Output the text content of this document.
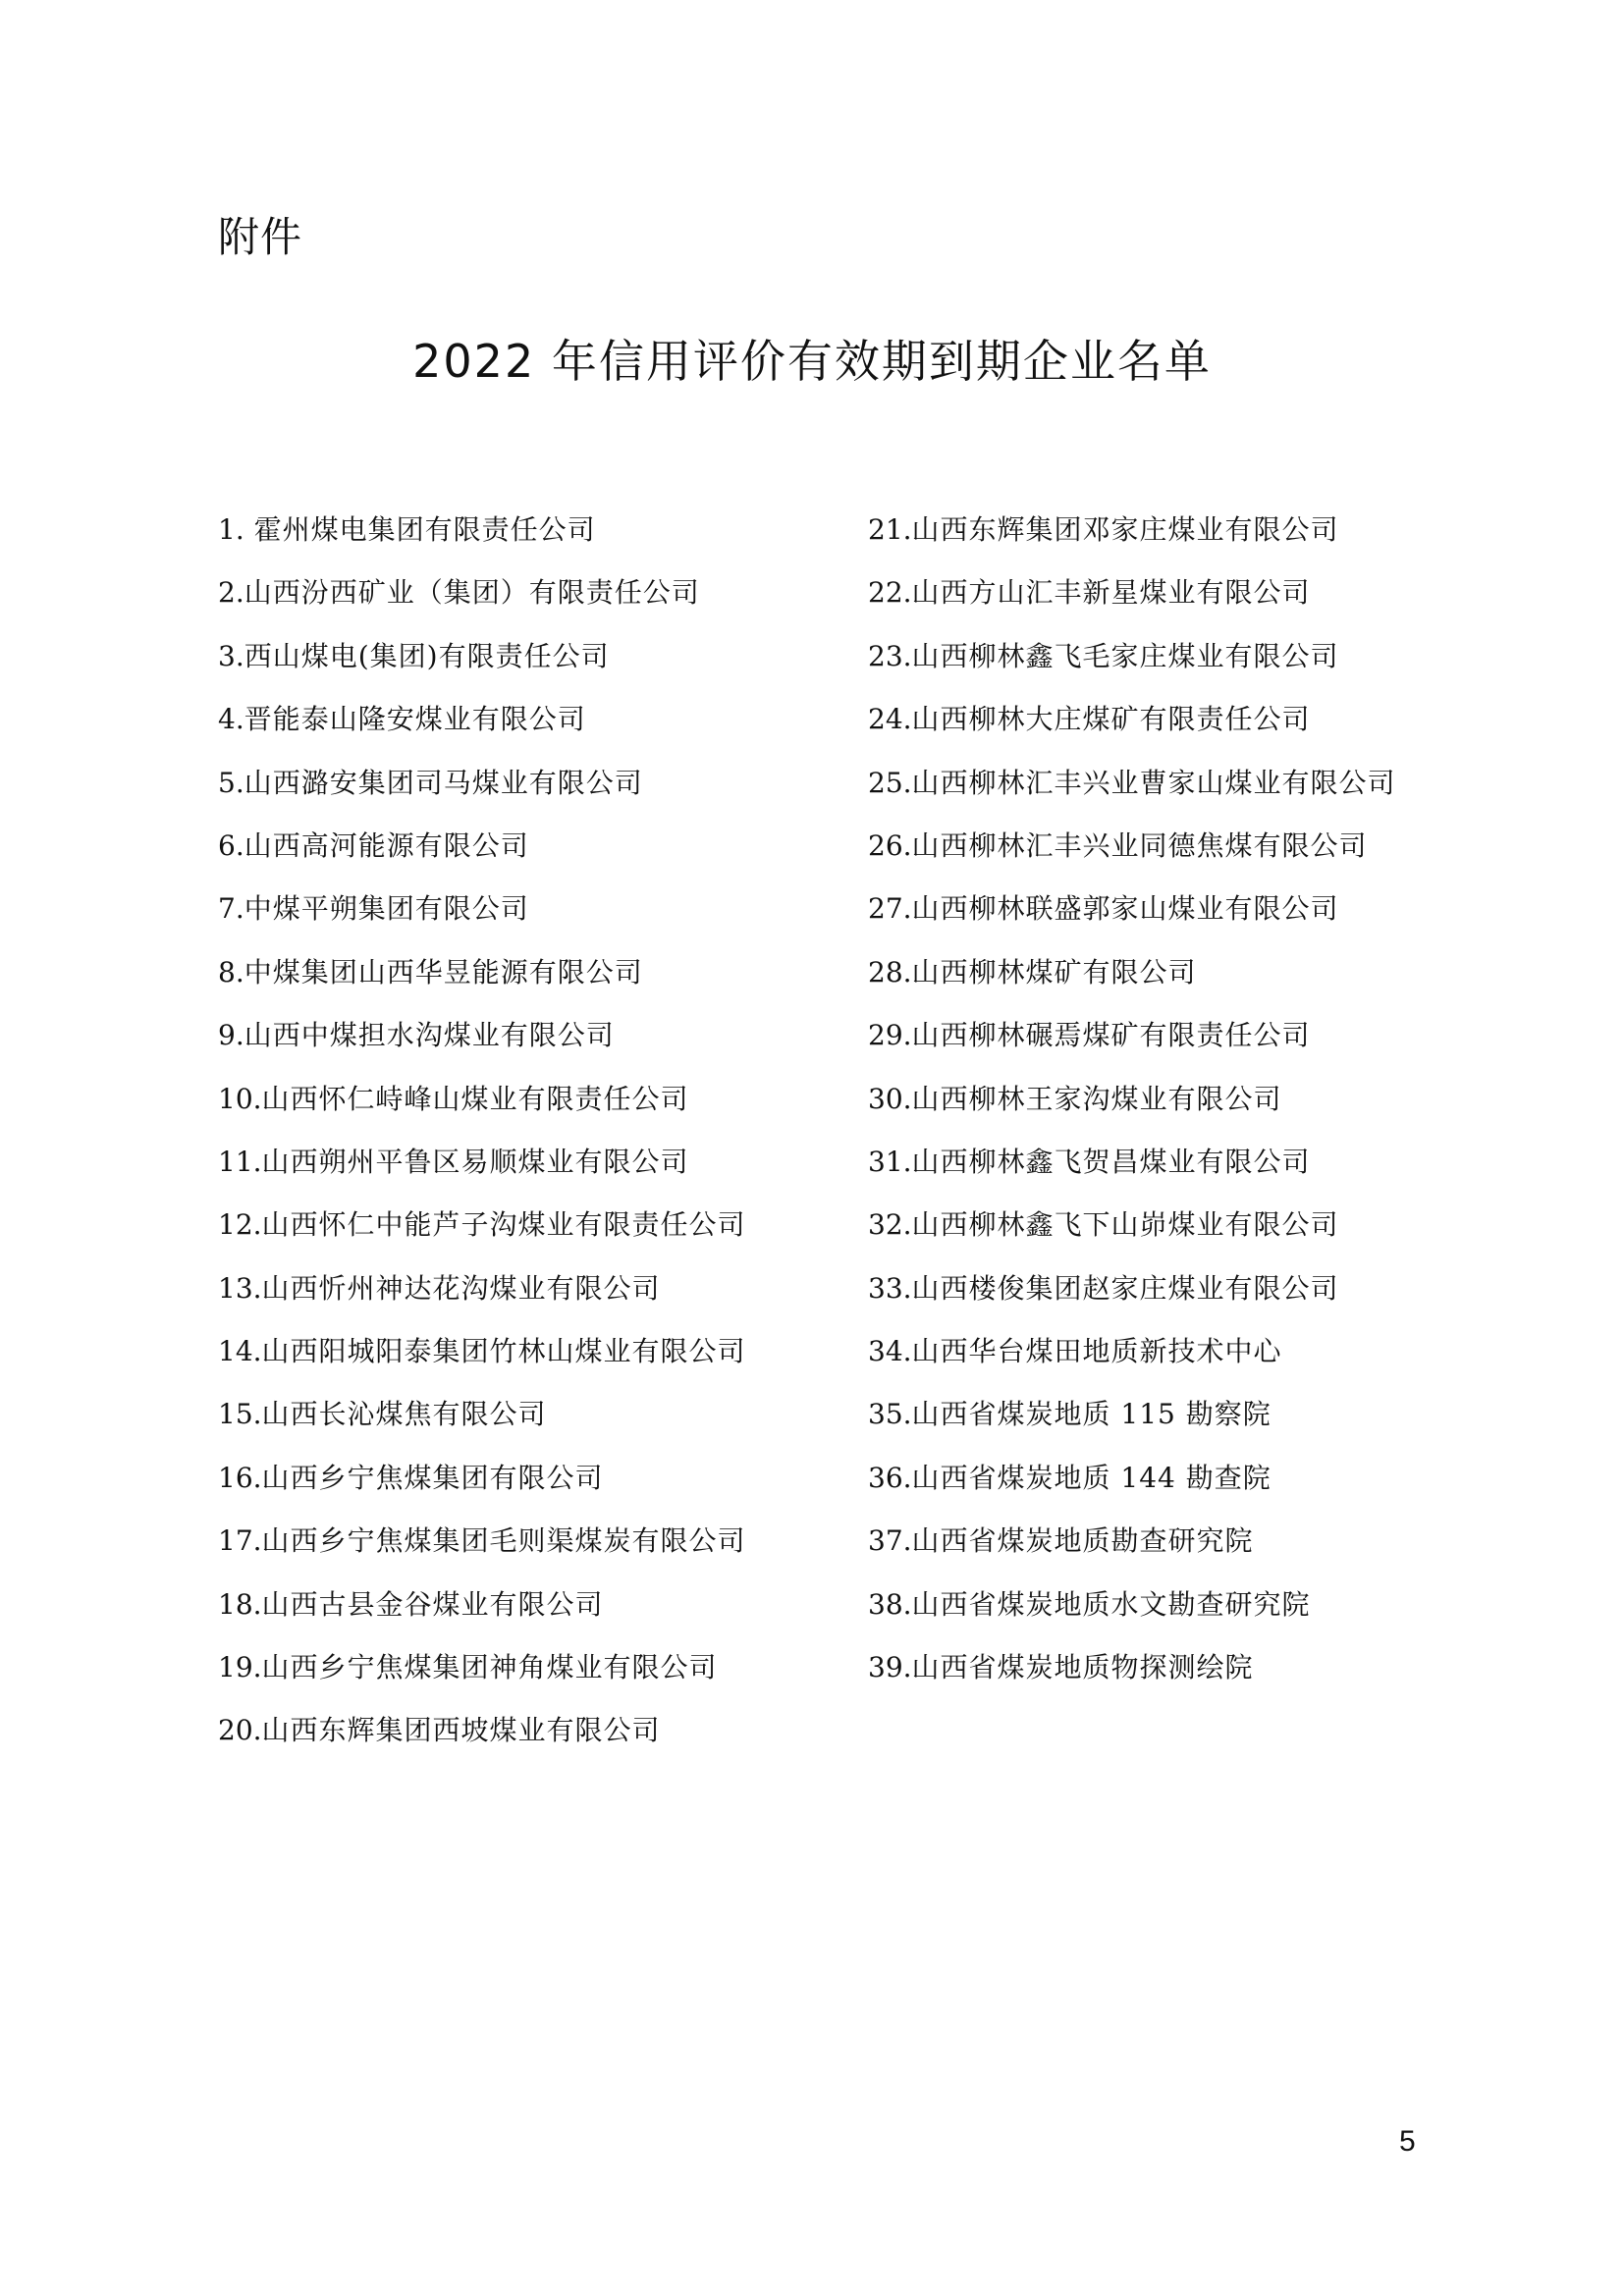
附件
2022 年信用评价有效期到期企业名单
1. 霍州煤电集团有限责任公司
2.山西汾西矿业（集团）有限责任公司
3.西山煤电(集团)有限责任公司
4.晋能泰山隆安煤业有限公司
5.山西潞安集团司马煤业有限公司
6.山西高河能源有限公司
7.中煤平朔集团有限公司
8.中煤集团山西华昱能源有限公司
9.山西中煤担水沟煤业有限公司
10.山西怀仁峙峰山煤业有限责任公司
11.山西朔州平鲁区易顺煤业有限公司
12.山西怀仁中能芦子沟煤业有限责任公司
13.山西忻州神达花沟煤业有限公司
14.山西阳城阳泰集团竹林山煤业有限公司
15.山西长沁煤焦有限公司
16.山西乡宁焦煤集团有限公司
17.山西乡宁焦煤集团毛则渠煤炭有限公司
18.山西古县金谷煤业有限公司
19.山西乡宁焦煤集团神角煤业有限公司
20.山西东辉集团西坡煤业有限公司
21.山西东辉集团邓家庄煤业有限公司
22.山西方山汇丰新星煤业有限公司
23.山西柳林鑫飞毛家庄煤业有限公司
24.山西柳林大庄煤矿有限责任公司
25.山西柳林汇丰兴业曹家山煤业有限公司
26.山西柳林汇丰兴业同德焦煤有限公司
27.山西柳林联盛郭家山煤业有限公司
28.山西柳林煤矿有限公司
29.山西柳林碾焉煤矿有限责任公司
30.山西柳林王家沟煤业有限公司
31.山西柳林鑫飞贺昌煤业有限公司
32.山西柳林鑫飞下山峁煤业有限公司
33.山西楼俊集团赵家庄煤业有限公司
34.山西华台煤田地质新技术中心
35.山西省煤炭地质 115 勘察院
36.山西省煤炭地质 144 勘查院
37.山西省煤炭地质勘查研究院
38.山西省煤炭地质水文勘查研究院
39.山西省煤炭地质物探测绘院
5
